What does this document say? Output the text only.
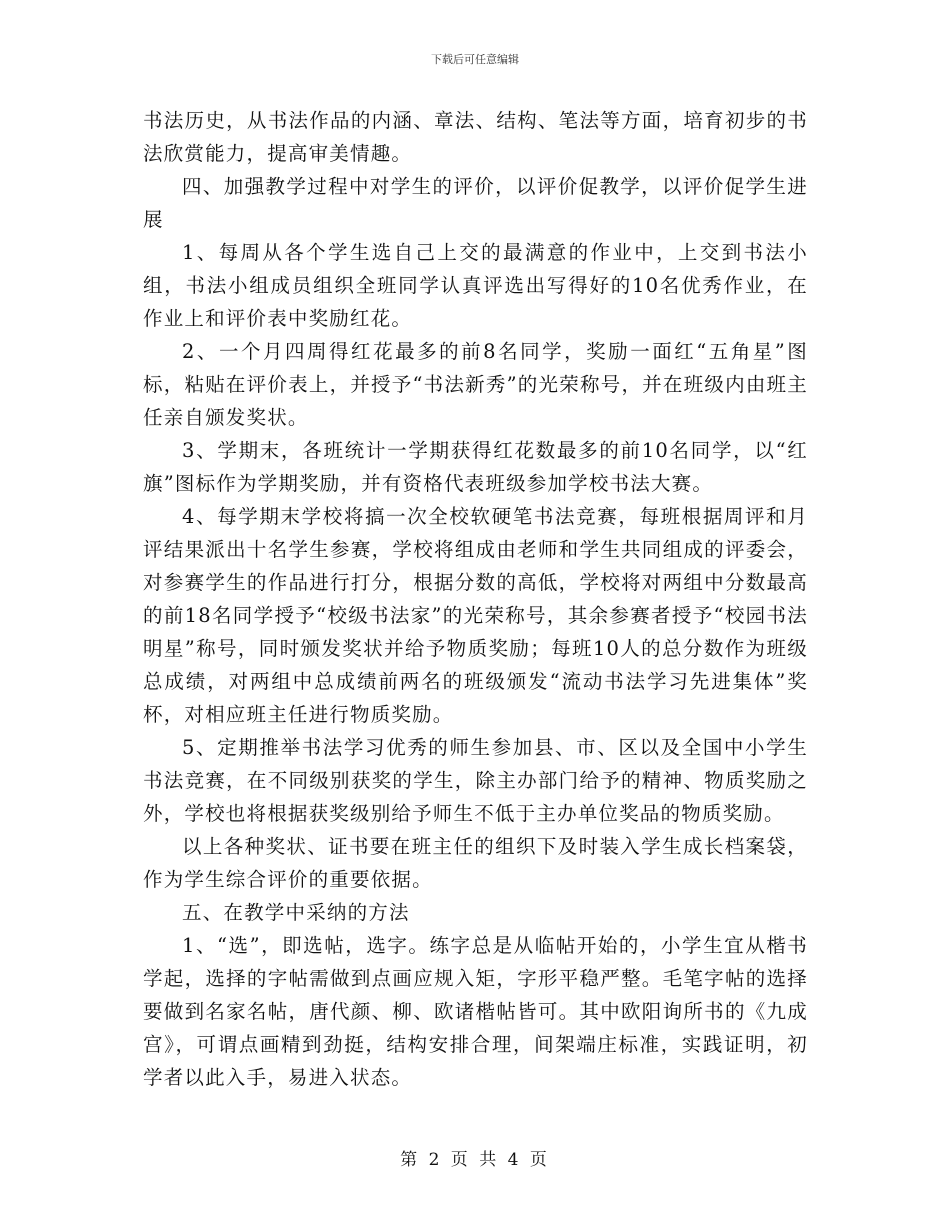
下载后可任意编辑

书法历史，从书法作品的内涵、章法、结构、笔法等方面，培育初步的书法欣赏能力，提高审美情趣。

四、加强教学过程中对学生的评价，以评价促教学，以评价促学生进展

1、每周从各个学生选自己上交的最满意的作业中，上交到书法小组，书法小组成员组织全班同学认真评选出写得好的10名优秀作业，在作业上和评价表中奖励红花。

2、一个月四周得红花最多的前8名同学，奖励一面红“五角星”图标，粘贴在评价表上，并授予“书法新秀”的光荣称号，并在班级内由班主任亲自颁发奖状。

3、学期末，各班统计一学期获得红花数最多的前10名同学，以“红旗”图标作为学期奖励，并有资格代表班级参加学校书法大赛。

4、每学期末学校将搞一次全校软硬笔书法竞赛，每班根据周评和月评结果派出十名学生参赛，学校将组成由老师和学生共同组成的评委会，对参赛学生的作品进行打分，根据分数的高低，学校将对两组中分数最高的前18名同学授予“校级书法家”的光荣称号，其余参赛者授予“校园书法明星”称号，同时颁发奖状并给予物质奖励；每班10人的总分数作为班级总成绩，对两组中总成绩前两名的班级颁发“流动书法学习先进集体”奖杯，对相应班主任进行物质奖励。

5、定期推举书法学习优秀的师生参加县、市、区以及全国中小学生书法竞赛，在不同级别获奖的学生，除主办部门给予的精神、物质奖励之外，学校也将根据获奖级别给予师生不低于主办单位奖品的物质奖励。

以上各种奖状、证书要在班主任的组织下及时装入学生成长档案袋，作为学生综合评价的重要依据。

五、在教学中采纳的方法

1、“选”，即选帖，选字。练字总是从临帖开始的，小学生宜从楷书学起，选择的字帖需做到点画应规入矩，字形平稳严整。毛笔字帖的选择要做到名家名帖，唐代颜、柳、欧诸楷帖皆可。其中欧阳询所书的《九成宫》，可谓点画精到劲挺，结构安排合理，间架端庄标准，实践证明，初学者以此入手，易进入状态。

第 2 页 共 4 页
